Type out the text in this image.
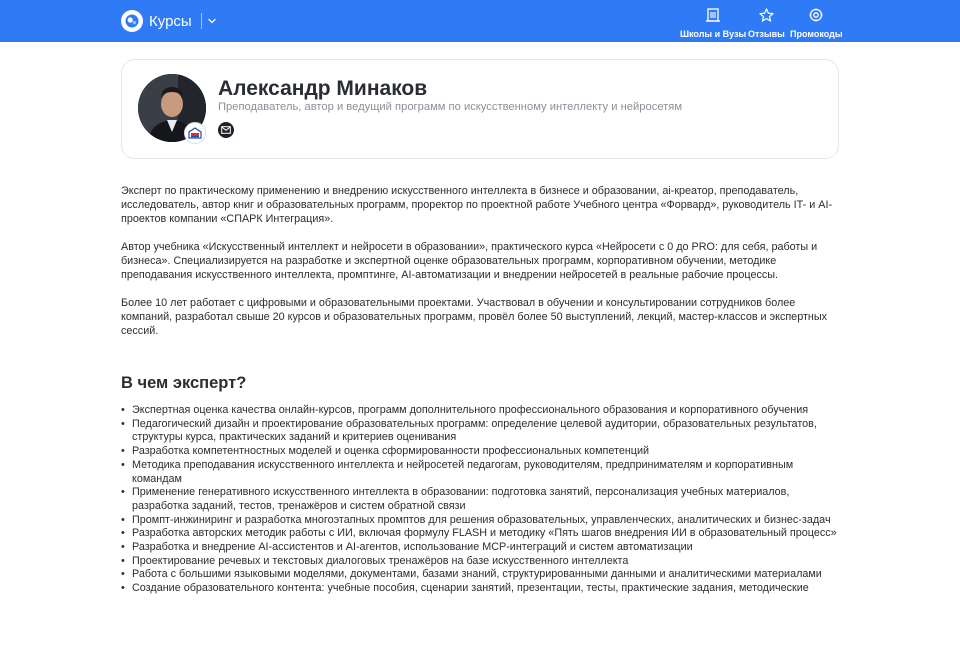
Курсы
Школы и Вузы Отзывы Промокоды
Александр Минаков
Преподаватель, автор и ведущий программ по искусственному интеллекту и нейросетям

Эксперт по практическому применению и внедрению искусственного интеллекта в бизнесе и образовании, ai-креатор, преподаватель, исследователь, автор книг и образовательных программ, проректор по проектной работе Учебного центра «Форвард», руководитель IT- и AI-проектов компании «СПАРК Интеграция».

Автор учебника «Искусственный интеллект и нейросети в образовании», практического курса «Нейросети с 0 до PRO: для себя, работы и бизнеса». Специализируется на разработке и экспертной оценке образовательных программ, корпоративном обучении, методике преподавания искусственного интеллекта, промптинге, AI-автоматизации и внедрении нейросетей в реальные рабочие процессы.

Более 10 лет работает с цифровыми и образовательными проектами. Участвовал в обучении и консультировании сотрудников более компаний, разработал свыше 20 курсов и образовательных программ, провёл более 50 выступлений, лекций, мастер-классов и экспертных сессий.

В чем эксперт?
• Экспертная оценка качества онлайн-курсов, программ дополнительного профессионального образования и корпоративного обучения
• Педагогический дизайн и проектирование образовательных программ: определение целевой аудитории, образовательных результатов, структуры курса, практических заданий и критериев оценивания
• Разработка компетентностных моделей и оценка сформированности профессиональных компетенций
• Методика преподавания искусственного интеллекта и нейросетей педагогам, руководителям, предпринимателям и корпоративным командам
• Применение генеративного искусственного интеллекта в образовании: подготовка занятий, персонализация учебных материалов, разработка заданий, тестов, тренажёров и систем обратной связи
• Промпт-инжиниринг и разработка многоэтапных промптов для решения образовательных, управленческих, аналитических и бизнес-задач
• Разработка авторских методик работы с ИИ, включая формулу FLASH и методику «Пять шагов внедрения ИИ в образовательный процесс»
• Разработка и внедрение AI-ассистентов и AI-агентов, использование MCP-интеграций и систем автоматизации
• Проектирование речевых и текстовых диалоговых тренажёров на базе искусственного интеллекта
• Работа с большими языковыми моделями, документами, базами знаний, структурированными данными и аналитическими материалами
• Создание образовательного контента: учебные пособия, сценарии занятий, презентации, тесты, практические задания, методические
